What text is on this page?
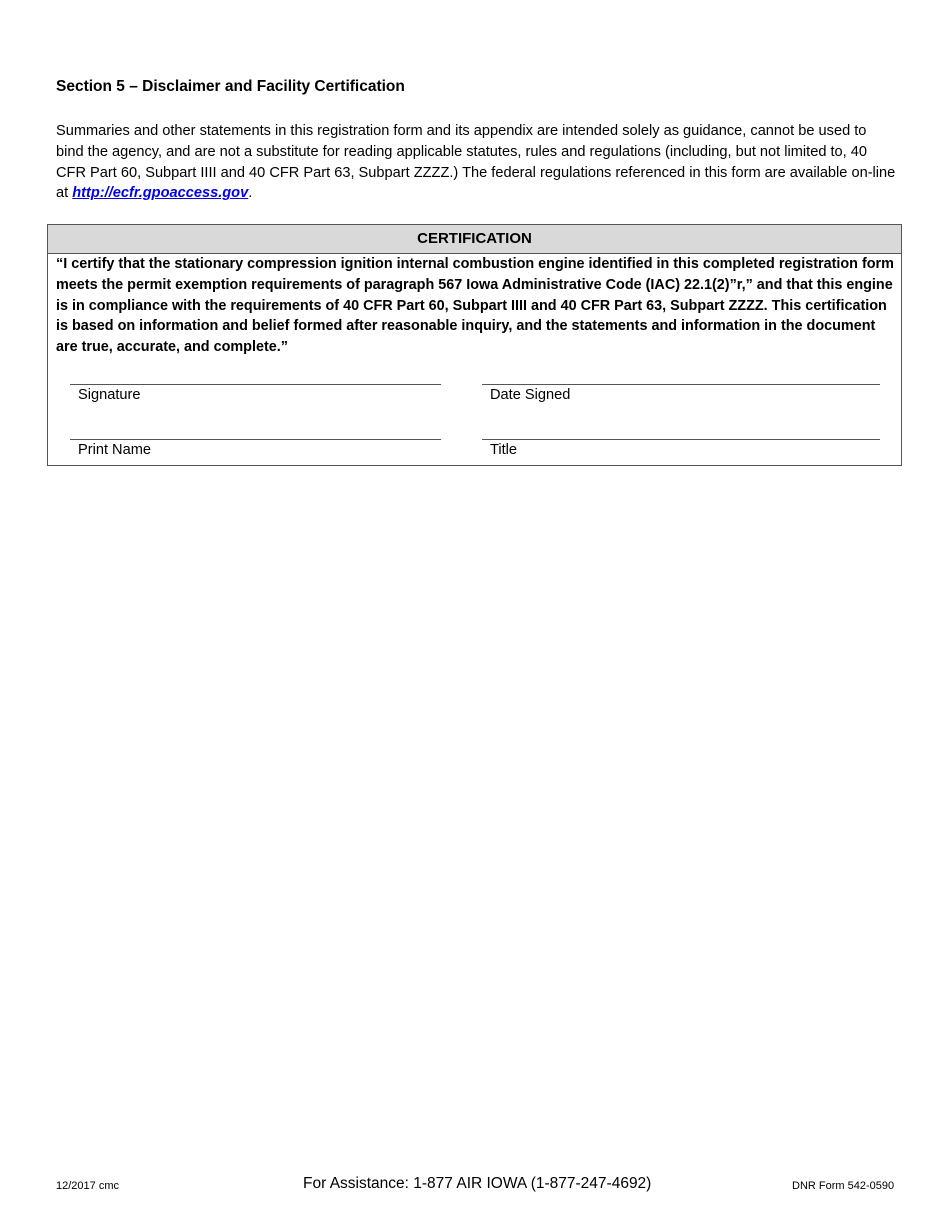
Section 5 – Disclaimer and Facility Certification
Summaries and other statements in this registration form and its appendix are intended solely as guidance, cannot be used to bind the agency, and are not a substitute for reading applicable statutes, rules and regulations (including, but not limited to, 40 CFR Part 60, Subpart IIII and 40 CFR Part 63, Subpart ZZZZ.) The federal regulations referenced in this form are available on-line at http://ecfr.gpoaccess.gov.
CERTIFICATION
“I certify that the stationary compression ignition internal combustion engine identified in this completed registration form meets the permit exemption requirements of paragraph 567 Iowa Administrative Code (IAC) 22.1(2)”r,” and that this engine is in compliance with the requirements of 40 CFR Part 60, Subpart IIII and 40 CFR Part 63, Subpart ZZZZ. This certification is based on information and belief formed after reasonable inquiry, and the statements and information in the document are true, accurate, and complete.”
Signature	Date Signed
Print Name	Title
12/2017 cmc	For Assistance: 1-877 AIR IOWA (1-877-247-4692)	DNR Form 542-0590
